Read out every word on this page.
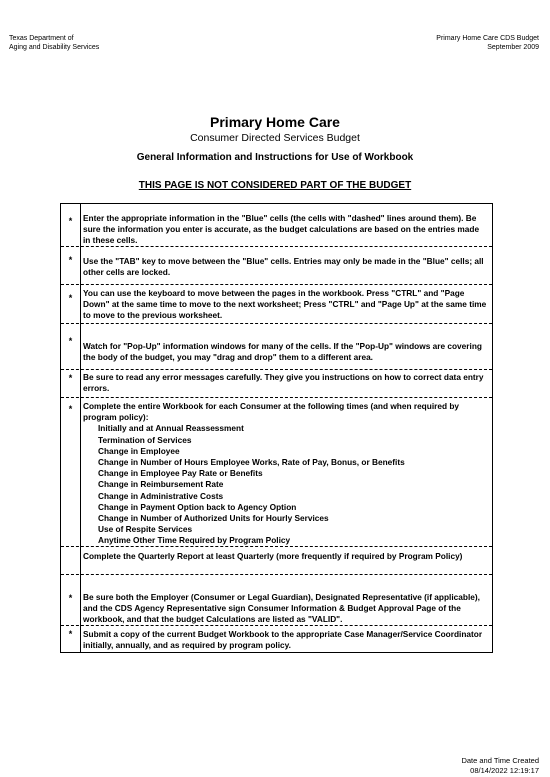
Texas Department of
Aging and Disability Services
Primary Home Care CDS Budget
September 2009
Primary Home Care
Consumer Directed Services Budget
General Information and Instructions for Use of Workbook
THIS PAGE IS NOT CONSIDERED PART OF THE BUDGET
*	Enter the appropriate information in the "Blue" cells (the cells with "dashed" lines around them). Be sure the information you enter is accurate, as the budget calculations are based on the entries made in these cells.
*	Use the "TAB" key to move between the "Blue" cells. Entries may only be made in the "Blue" cells; all other cells are locked.
*	You can use the keyboard to move between the pages in the workbook. Press "CTRL" and "Page Down" at the same time to move to the next worksheet; Press "CTRL" and "Page Up" at the same time to move to the previous worksheet.
*	Watch for "Pop-Up" information windows for many of the cells. If the "Pop-Up" windows are covering the body of the budget, you may "drag and drop" them to a different area.
*	Be sure to read any error messages carefully. They give you instructions on how to correct data entry errors.
*	Complete the entire Workbook for each Consumer at the following times (and when required by program policy):
Initially and at Annual Reassessment
Termination of Services
Change in Employee
Change in Number of Hours Employee Works, Rate of Pay, Bonus, or Benefits
Change in Employee Pay Rate or Benefits
Change in Reimbursement Rate
Change in Administrative Costs
Change in Payment Option back to Agency Option
Change in Number of Authorized Units for Hourly Services
Use of Respite Services
Anytime Other Time Required by Program Policy
Complete the Quarterly Report at least Quarterly (more frequently if required by Program Policy)
*	Be sure both the Employer (Consumer or Legal Guardian), Designated Representative (if applicable), and the CDS Agency Representative sign Consumer Information & Budget Approval Page of the workbook, and that the budget Calculations are listed as "VALID".
*	Submit a copy of the current Budget Workbook to the appropriate Case Manager/Service Coordinator initially, annually, and as required by program policy.
Date and Time Created
08/14/2022 12:19:17
